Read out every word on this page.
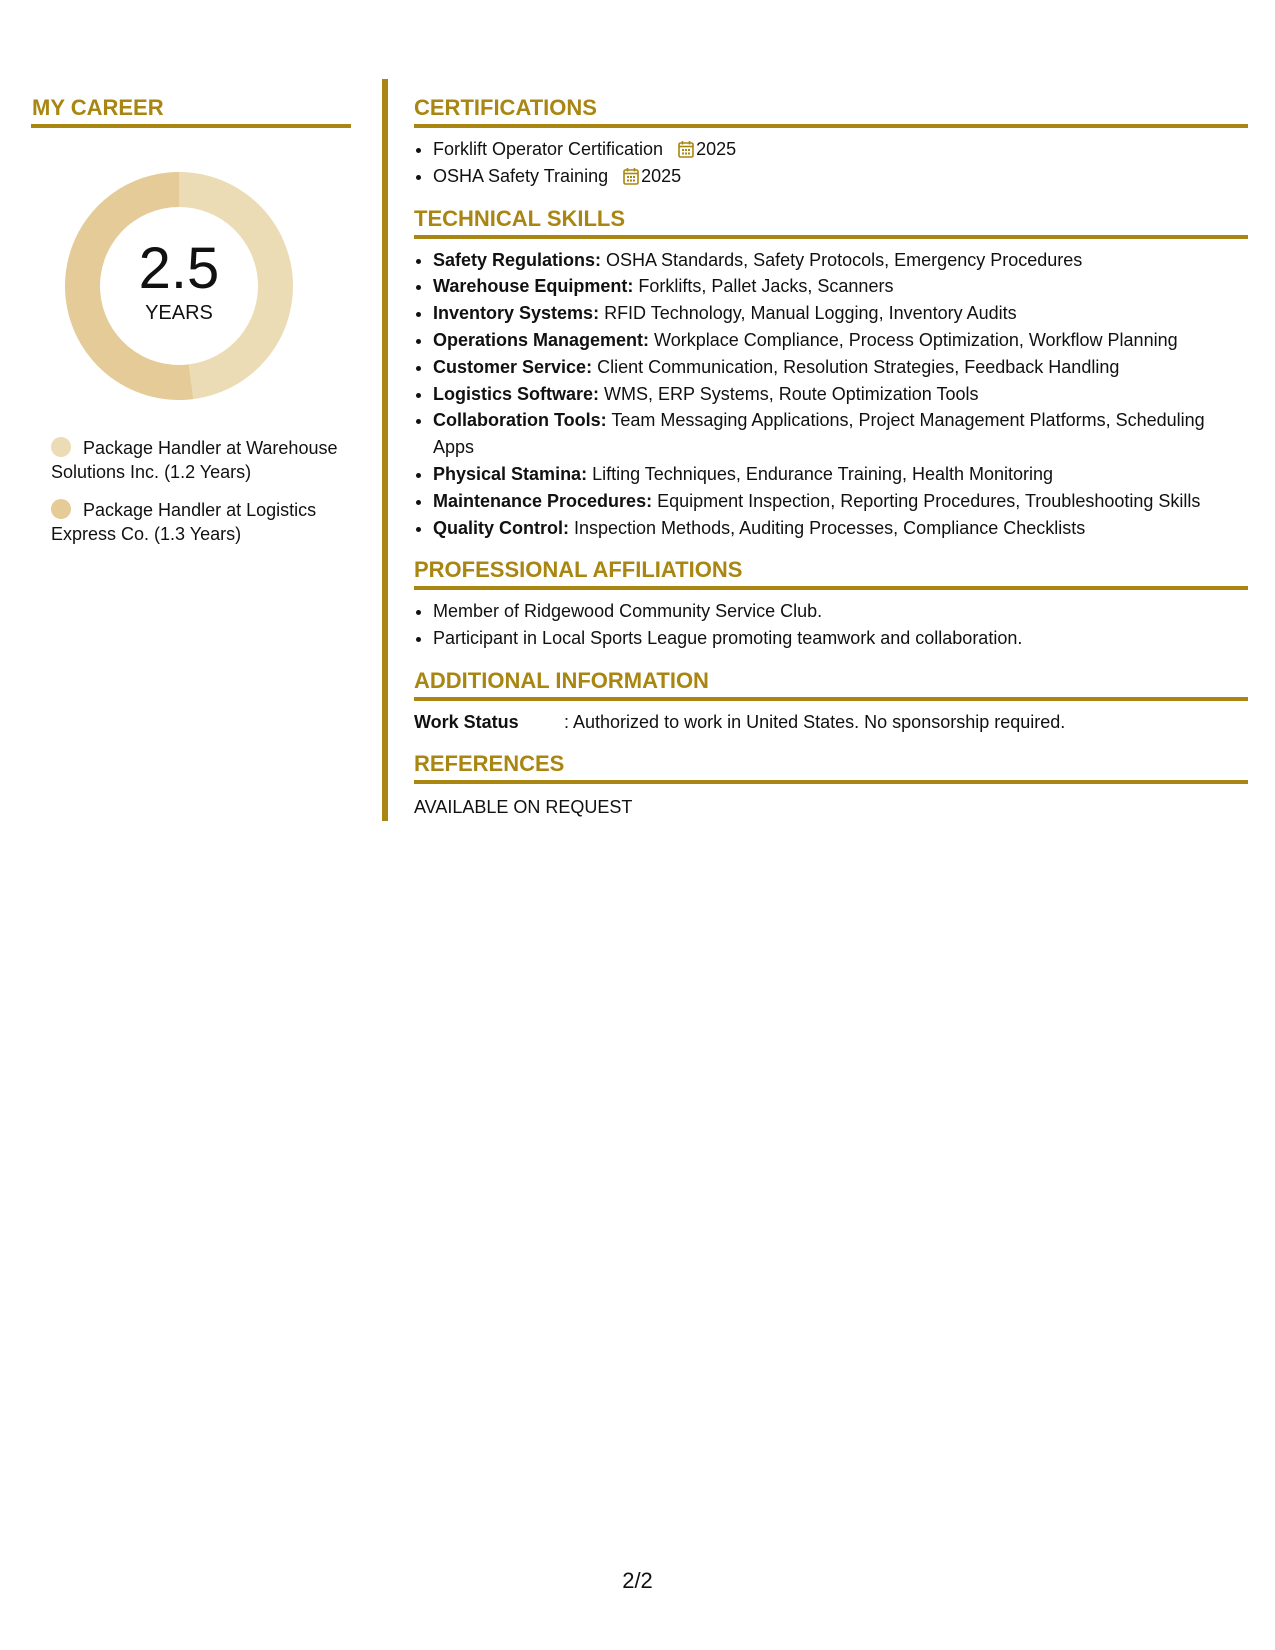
MY CAREER
2.5
YEARS
Package Handler at Warehouse Solutions Inc. (1.2 Years)
Package Handler at Logistics Express Co. (1.3 Years)
CERTIFICATIONS
• Forklift Operator Certification 2025
• OSHA Safety Training 2025
TECHNICAL SKILLS
• Safety Regulations: OSHA Standards, Safety Protocols, Emergency Procedures
• Warehouse Equipment: Forklifts, Pallet Jacks, Scanners
• Inventory Systems: RFID Technology, Manual Logging, Inventory Audits
• Operations Management: Workplace Compliance, Process Optimization, Workflow Planning
• Customer Service: Client Communication, Resolution Strategies, Feedback Handling
• Logistics Software: WMS, ERP Systems, Route Optimization Tools
• Collaboration Tools: Team Messaging Applications, Project Management Platforms, Scheduling Apps
• Physical Stamina: Lifting Techniques, Endurance Training, Health Monitoring
• Maintenance Procedures: Equipment Inspection, Reporting Procedures, Troubleshooting Skills
• Quality Control: Inspection Methods, Auditing Processes, Compliance Checklists
PROFESSIONAL AFFILIATIONS
• Member of Ridgewood Community Service Club.
• Participant in Local Sports League promoting teamwork and collaboration.
ADDITIONAL INFORMATION
Work Status	: Authorized to work in United States. No sponsorship required.
REFERENCES
AVAILABLE ON REQUEST
2/2
